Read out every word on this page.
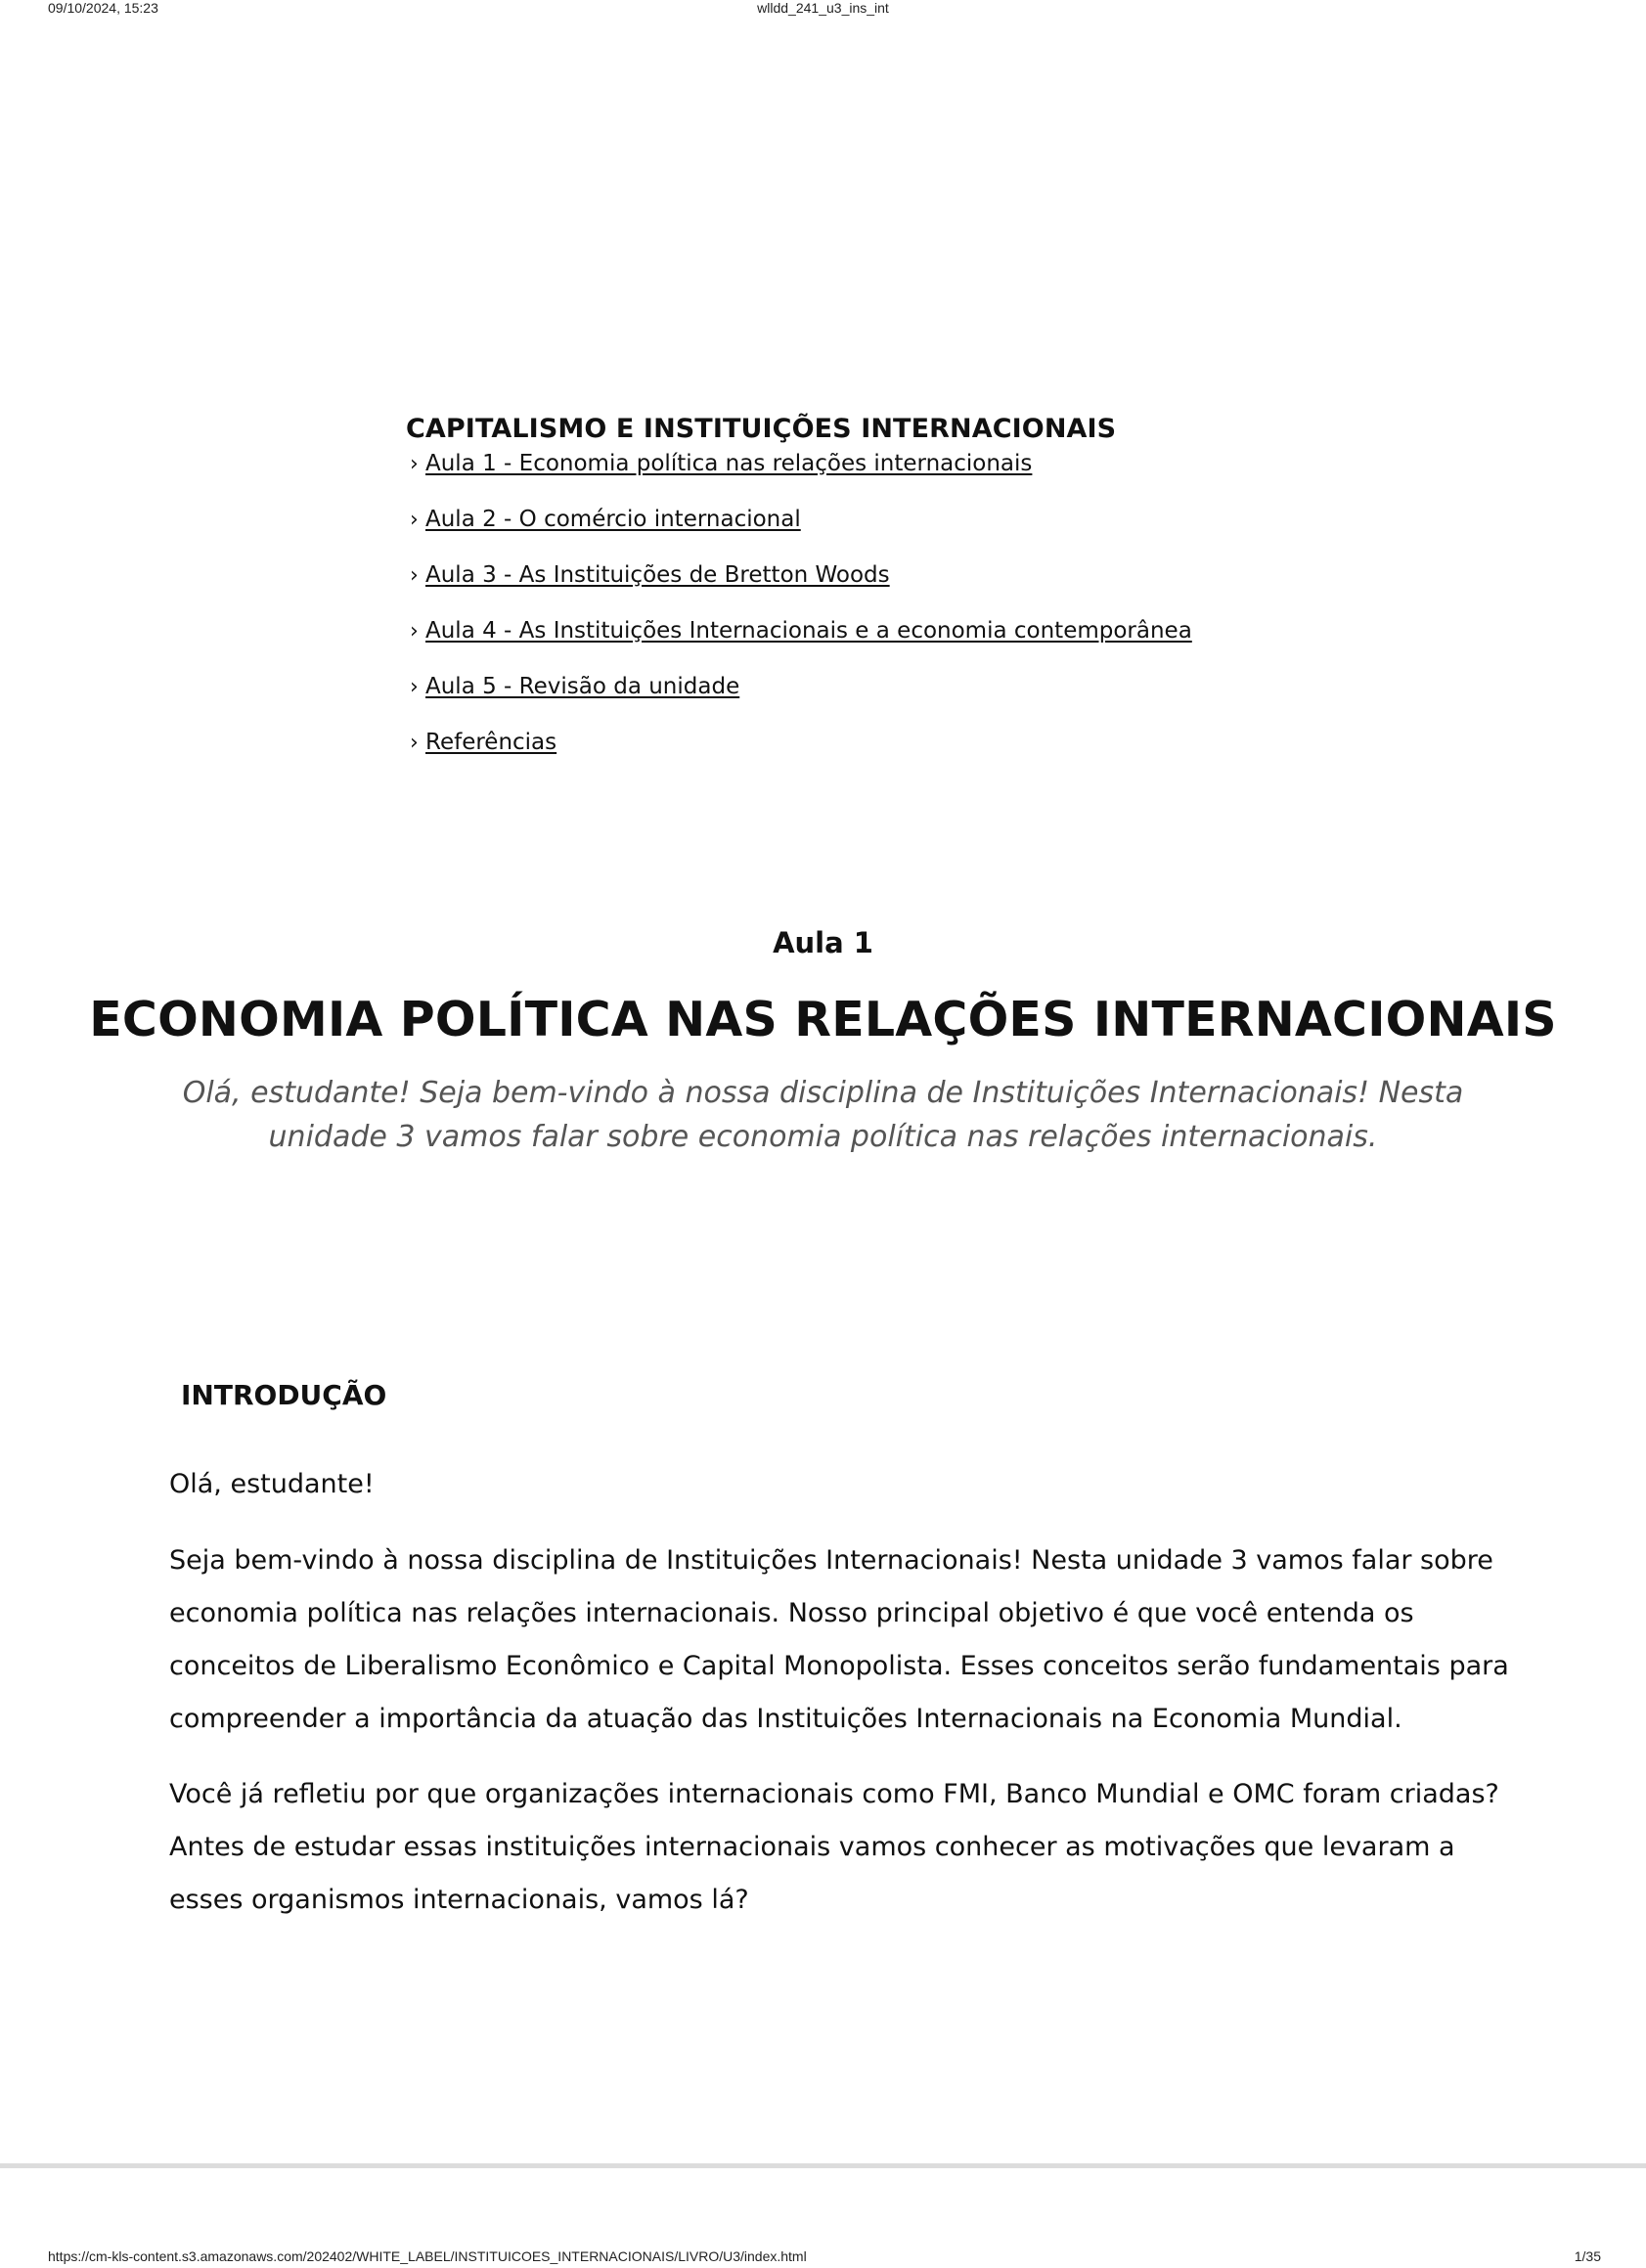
09/10/2024, 15:23	wlldd_241_u3_ins_int
CAPITALISMO E INSTITUIÇÕES INTERNACIONAIS
› Aula 1 - Economia política nas relações internacionais
› Aula 2 - O comércio internacional
› Aula 3 - As Instituições de Bretton Woods
› Aula 4 - As Instituições Internacionais e a economia contemporânea
› Aula 5 - Revisão da unidade
› Referências
Aula 1
ECONOMIA POLÍTICA NAS RELAÇÕES INTERNACIONAIS

Olá, estudante! Seja bem-vindo à nossa disciplina de Instituições Internacionais! Nesta unidade 3 vamos falar sobre economia política nas relações internacionais.

INTRODUÇÃO

Olá, estudante!

Seja bem-vindo à nossa disciplina de Instituições Internacionais! Nesta unidade 3 vamos falar sobre economia política nas relações internacionais. Nosso principal objetivo é que você entenda os conceitos de Liberalismo Econômico e Capital Monopolista. Esses conceitos serão fundamentais para compreender a importância da atuação das Instituições Internacionais na Economia Mundial.

Você já refletiu por que organizações internacionais como FMI, Banco Mundial e OMC foram criadas? Antes de estudar essas instituições internacionais vamos conhecer as motivações que levaram a esses organismos internacionais, vamos lá?

https://cm-kls-content.s3.amazonaws.com/202402/WHITE_LABEL/INSTITUICOES_INTERNACIONAIS/LIVRO/U3/index.html	1/35
